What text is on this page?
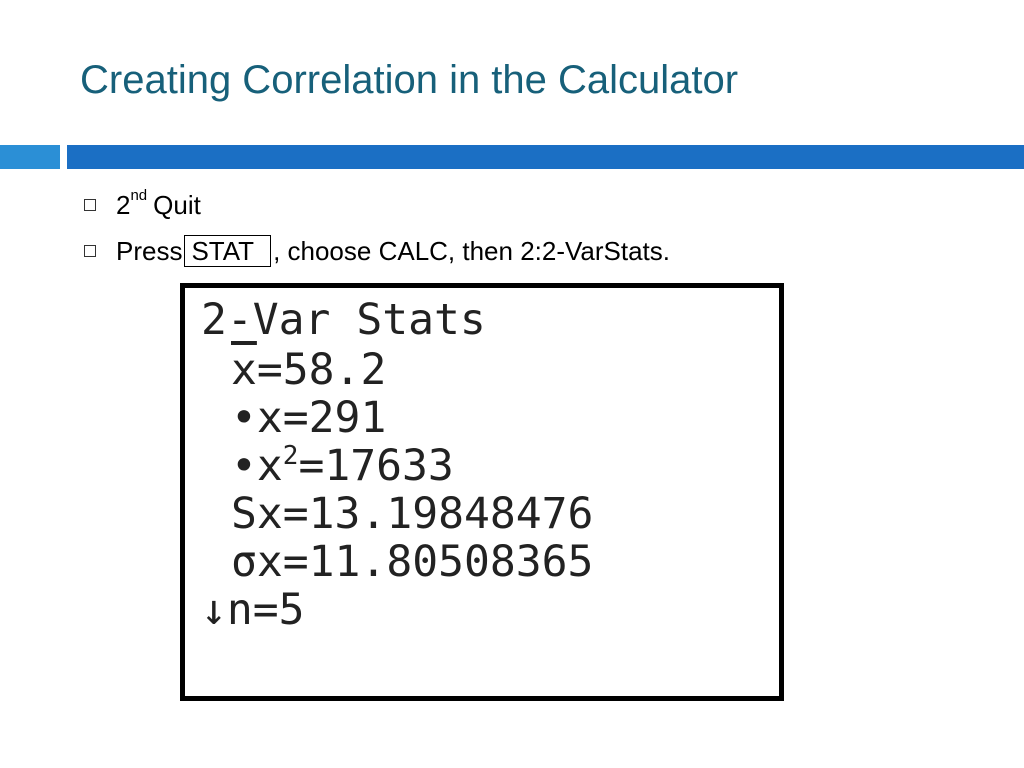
Creating Correlation in the Calculator
2 nd Quit
Press STAT , choose CALC, then 2:2-VarStats.
2-Var Stats
$\overline{x}=58.2$
•x=291
$•x^2=17633$
Sx=13.19848476
σx=11.80508365
↓n=5
